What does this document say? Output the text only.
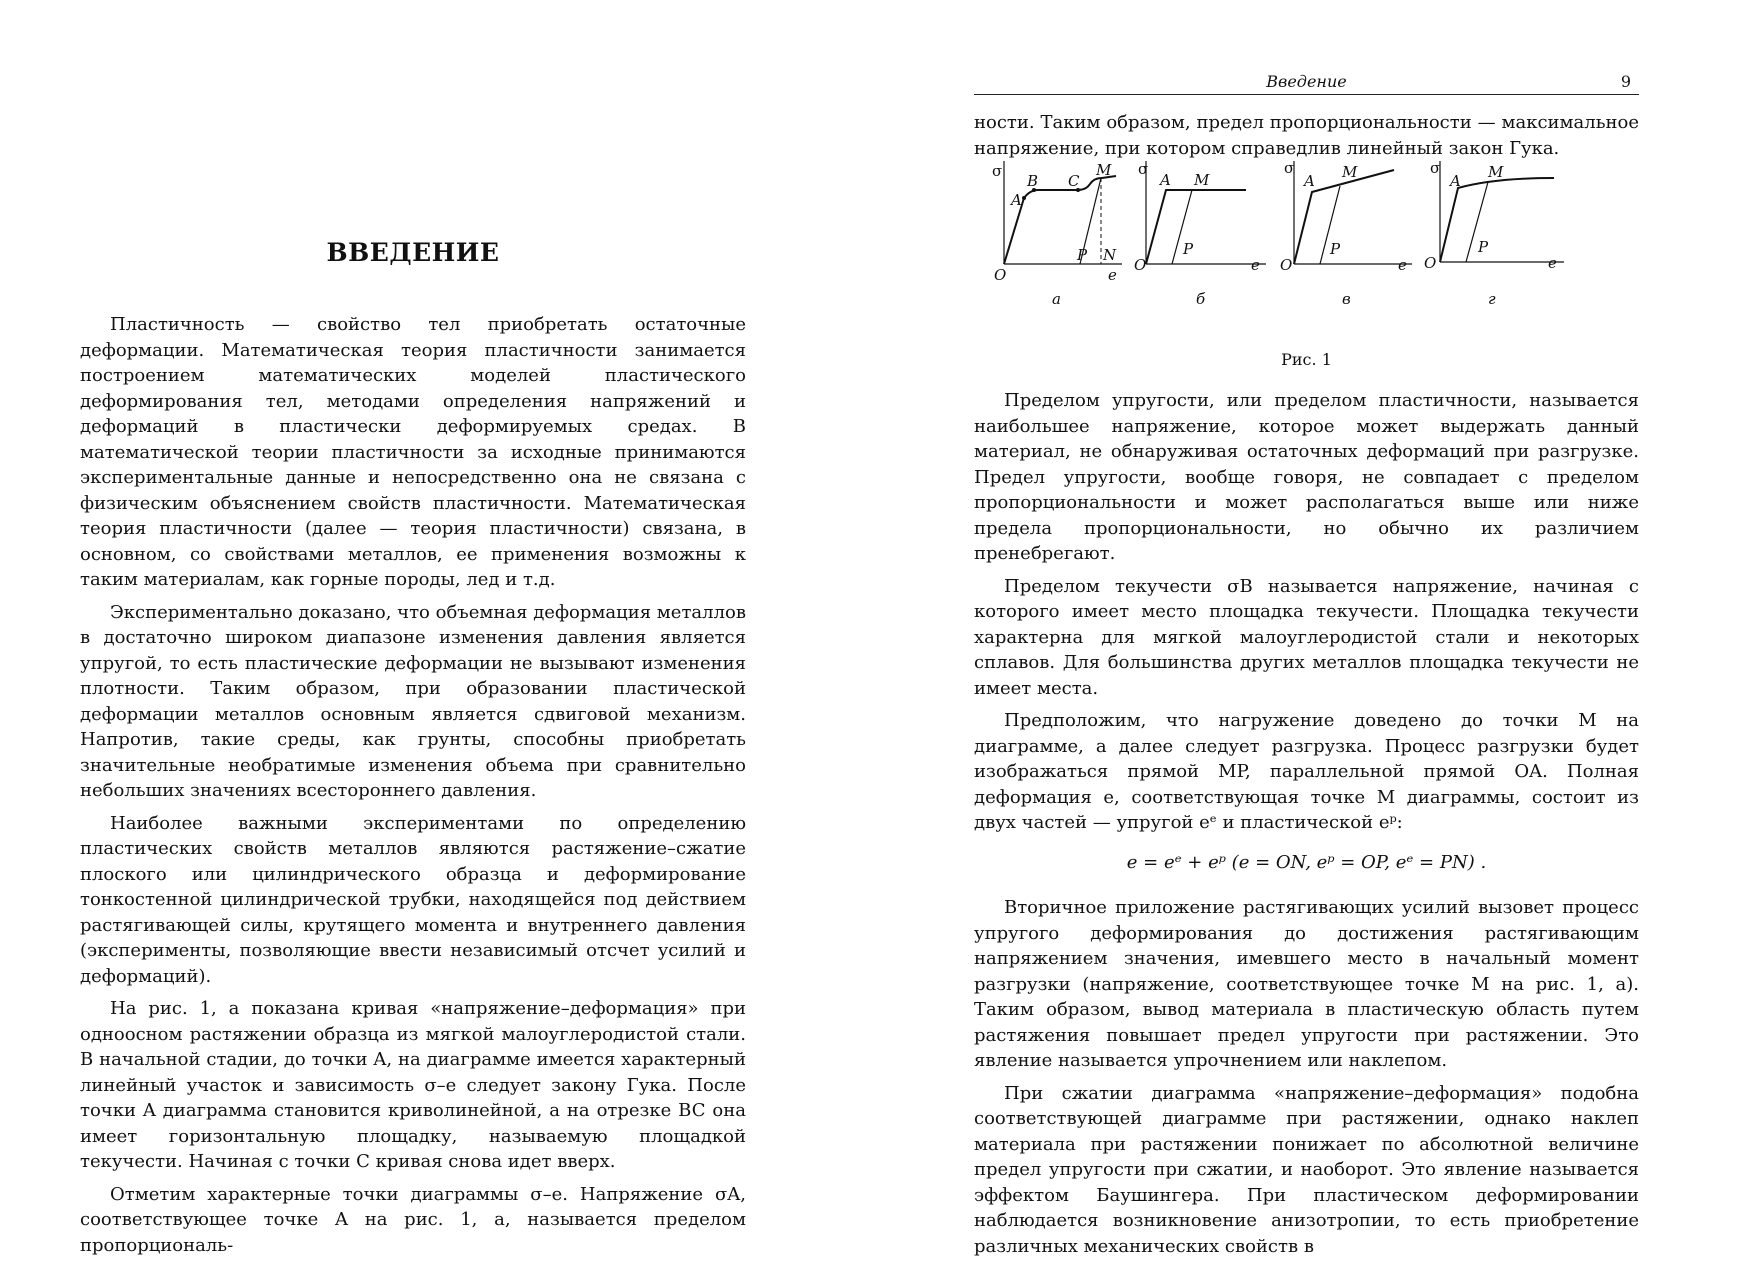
ВВЕДЕНИЕ

Пластичность — свойство тел приобретать остаточные деформации. Математическая теория пластичности занимается построением математических моделей пластического деформирования тел, методами определения напряжений и деформаций в пластически деформируемых средах. В математической теории пластичности за исходные принимаются экспериментальные данные и непосредственно она не связана с физическим объяснением свойств пластичности. Математическая теория пластичности (далее — теория пластичности) связана, в основном, со свойствами металлов, ее применения возможны к таким материалам, как горные породы, лед и т.д.

Экспериментально доказано, что объемная деформация металлов в достаточно широком диапазоне изменения давления является упругой, то есть пластические деформации не вызывают изменения плотности. Таким образом, при образовании пластической деформации металлов основным является сдвиговой механизм. Напротив, такие среды, как грунты, способны приобретать значительные необратимые изменения объема при сравнительно небольших значениях всестороннего давления.

Наиболее важными экспериментами по определению пластических свойств металлов являются растяжение–сжатие плоского или цилиндрического образца и деформирование тонкостенной цилиндрической трубки, находящейся под действием растягивающей силы, крутящего момента и внутреннего давления (эксперименты, позволяющие ввести независимый отсчет усилий и деформаций).

На рис. 1, а показана кривая «напряжение–деформация» при одноосном растяжении образца из мягкой малоуглеродистой стали. В начальной стадии, до точки A, на диаграмме имеется характерный линейный участок и зависимость σ–e следует закону Гука. После точки A диаграмма становится криволинейной, а на отрезке BC она имеет горизонтальную площадку, называемую площадкой текучести. Начиная с точки C кривая снова идет вверх.

Отметим характерные точки диаграммы σ–e. Напряжение σA, соответствующее точке A на рис. 1, а, называется пределом пропорциональ-

Введение	9

ности. Таким образом, предел пропорциональности — максимальное напряжение, при котором справедлив линейный закон Гука.

σ
O	e
A
B C
M
P N
а
σ
O	e
A M
P
б
σ
O	e
A M
P
в
σ
O	e
A M
P
г
Рис. 1

Пределом упругости, или пределом пластичности, называется наибольшее напряжение, которое может выдержать данный материал, не обнаруживая остаточных деформаций при разгрузке. Предел упругости, вообще говоря, не совпадает с пределом пропорциональности и может располагаться выше или ниже предела пропорциональности, но обычно их различием пренебрегают.

Пределом текучести σB называется напряжение, начиная с которого имеет место площадка текучести. Площадка текучести характерна для мягкой малоуглеродистой стали и некоторых сплавов. Для большинства других металлов площадка текучести не имеет места.

Предположим, что нагружение доведено до точки M на диаграмме, а далее следует разгрузка. Процесс разгрузки будет изображаться прямой MP, параллельной прямой OA. Полная деформация e, соответствующая точке M диаграммы, состоит из двух частей — упругой eᵉ и пластической eᵖ:

e = eᵉ + eᵖ (e = ON, eᵖ = OP, eᵉ = PN) .

Вторичное приложение растягивающих усилий вызовет процесс упругого деформирования до достижения растягивающим напряжением значения, имевшего место в начальный момент разгрузки (напряжение, соответствующее точке M на рис. 1, а). Таким образом, вывод материала в пластическую область путем растяжения повышает предел упругости при растяжении. Это явление называется упрочнением или наклепом.

При сжатии диаграмма «напряжение–деформация» подобна соответствующей диаграмме при растяжении, однако наклеп материала при растяжении понижает по абсолютной величине предел упругости при сжатии, и наоборот. Это явление называется эффектом Баушингера. При пластическом деформировании наблюдается возникновение анизотропии, то есть приобретение различных механических свойств в
